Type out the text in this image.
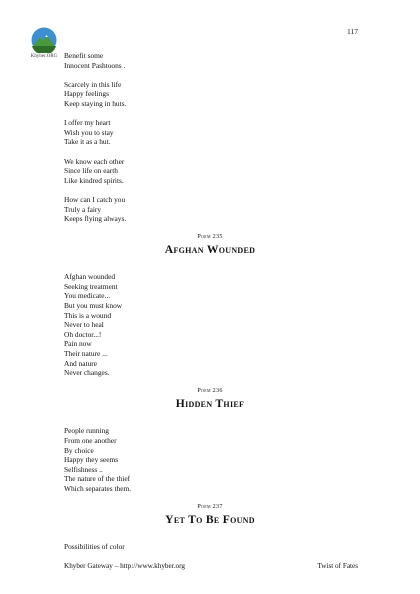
117
Khyber.ORG Benefit some
Innocent Pashtoons .
Scarcely in this life
Happy feelings
Keep staying in huts.
I offer my heart
Wish you to stay
Take it as a hut.
We know each other
Since life on earth
Like kindred spirits.
How can I catch you
Truly a fairy
Keeps flying always.
Poem 235
Afghan Wounded
Afghan wounded
Seeking treatment
You medicate...
But you must know
This is a wound
Never to heal
Oh doctor...!
Pain now
Their nature ...
And nature
Never changes.
Poem 236
Hidden Thief
People running
From one another
By choice
Happy they seems
Selfishness ..
The nature of the thief
Which separates them.
Poem 237
Yet To Be Found
Possibilities of color
Khyber Gateway – http://www.khyber.org	Twist of Fates
